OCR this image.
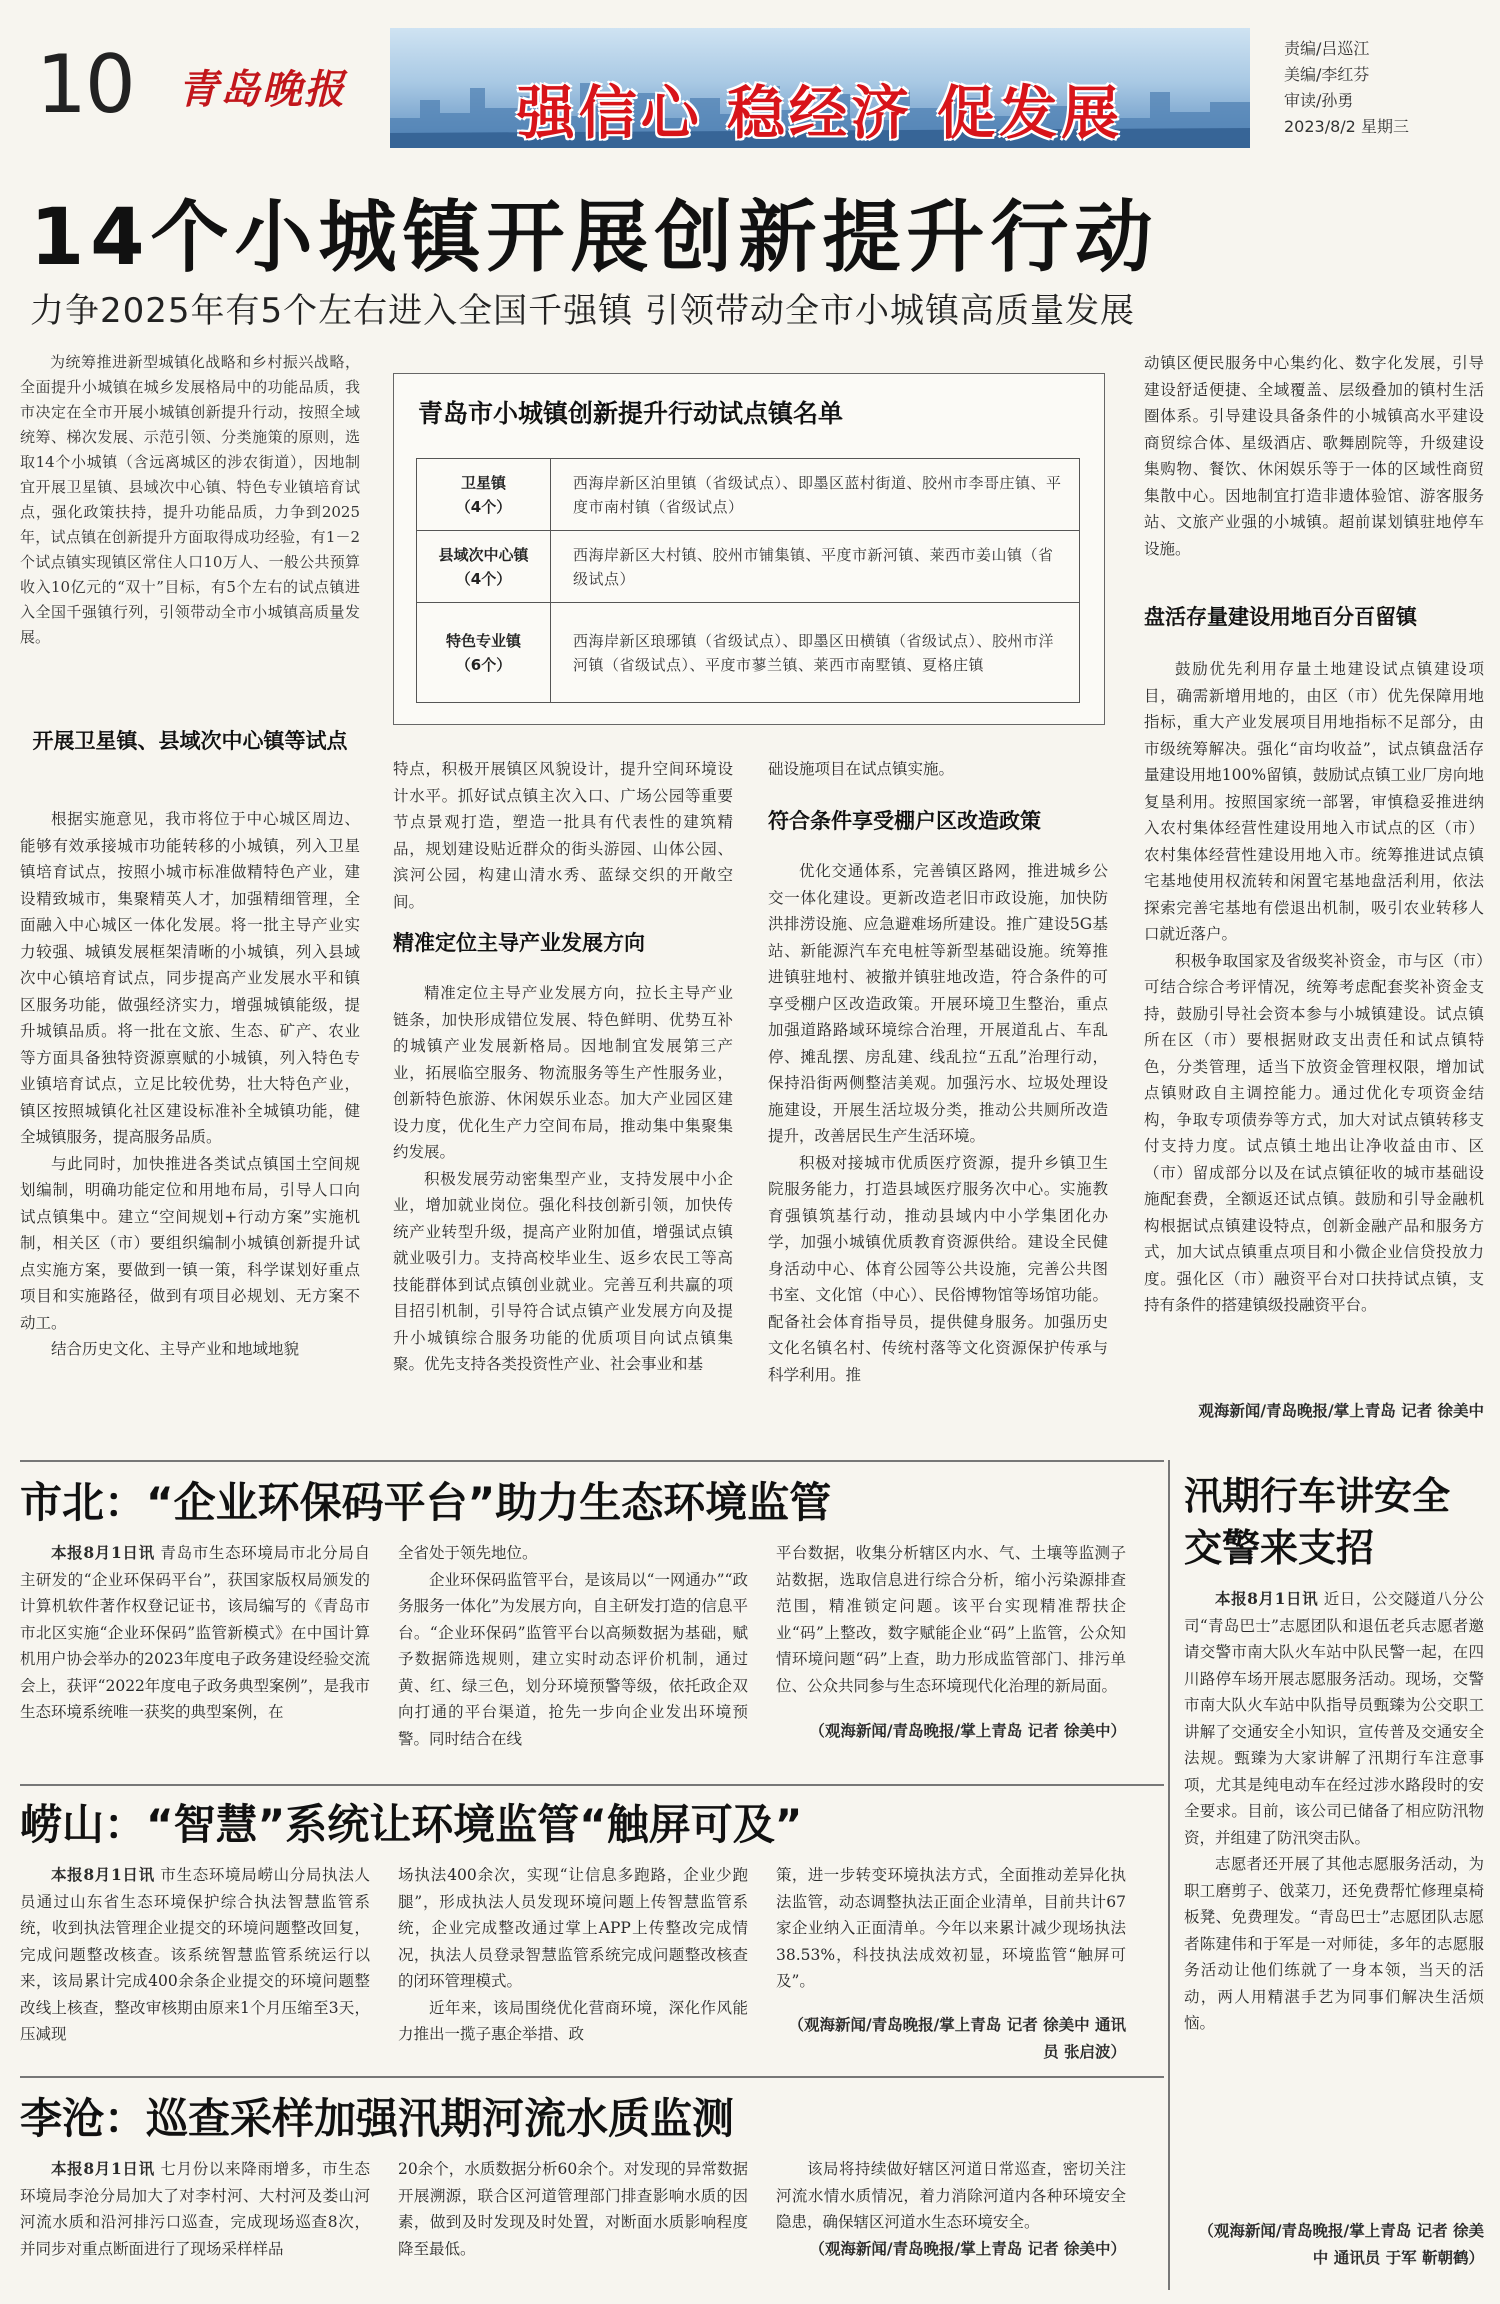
10 青岛晚报	强信心 稳经济 促发展
责编/吕巡江
美编/李红芬
审读/孙勇
2023/8/2 星期三
14个小城镇开展创新提升行动
力争2025年有5个左右进入全国千强镇 引领带动全市小城镇高质量发展

为统筹推进新型城镇化战略和乡村振兴战略，全面提升小城镇在城乡发展格局中的功能品质，我市决定在全市开展小城镇创新提升行动，按照全域统筹、梯次发展、示范引领、分类施策的原则，选取14个小城镇（含远离城区的涉农街道），因地制宜开展卫星镇、县域次中心镇、特色专业镇培育试点，强化政策扶持，提升功能品质，力争到2025年，试点镇在创新提升方面取得成功经验，有1－2个试点镇实现镇区常住人口10万人、一般公共预算收入10亿元的“双十”目标，有5个左右的试点镇进入全国千强镇行列，引领带动全市小城镇高质量发展。

开展卫星镇、县域次中心镇等试点

根据实施意见，我市将位于中心城区周边、能够有效承接城市功能转移的小城镇，列入卫星镇培育试点，按照小城市标准做精特色产业，建设精致城市，集聚精英人才，加强精细管理，全面融入中心城区一体化发展。将一批主导产业实力较强、城镇发展框架清晰的小城镇，列入县域次中心镇培育试点，同步提高产业发展水平和镇区服务功能，做强经济实力，增强城镇能级，提升城镇品质。将一批在文旅、生态、矿产、农业等方面具备独特资源禀赋的小城镇，列入特色专业镇培育试点，立足比较优势，壮大特色产业，镇区按照城镇化社区建设标准补全城镇功能，健全城镇服务，提高服务品质。

与此同时，加快推进各类试点镇国土空间规划编制，明确功能定位和用地布局，引导人口向试点镇集中。建立“空间规划+行动方案”实施机制，相关区（市）要组织编制小城镇创新提升试点实施方案，要做到一镇一策，科学谋划好重点项目和实施路径，做到有项目必规划、无方案不动工。

结合历史文化、主导产业和地域地貌

青岛市小城镇创新提升行动试点镇名单
卫星镇
（4个）	西海岸新区泊里镇（省级试点）、即墨区蓝村街道、胶州市李哥庄镇、平度市南村镇（省级试点）
县域次中心镇
（4个）	西海岸新区大村镇、胶州市铺集镇、平度市新河镇、莱西市姜山镇（省级试点）
特色专业镇
（6个）	西海岸新区琅琊镇（省级试点）、即墨区田横镇（省级试点）、胶州市洋河镇（省级试点）、平度市蓼兰镇、莱西市南墅镇、夏格庄镇

特点，积极开展镇区风貌设计，提升空间环境设计水平。抓好试点镇主次入口、广场公园等重要节点景观打造，塑造一批具有代表性的建筑精品，规划建设贴近群众的街头游园、山体公园、滨河公园，构建山清水秀、蓝绿交织的开敞空间。

精准定位主导产业发展方向

精准定位主导产业发展方向，拉长主导产业链条，加快形成错位发展、特色鲜明、优势互补的城镇产业发展新格局。因地制宜发展第三产业，拓展临空服务、物流服务等生产性服务业，创新特色旅游、休闲娱乐业态。加大产业园区建设力度，优化生产力空间布局，推动集中集聚集约发展。

积极发展劳动密集型产业，支持发展中小企业，增加就业岗位。强化科技创新引领，加快传统产业转型升级，提高产业附加值，增强试点镇就业吸引力。支持高校毕业生、返乡农民工等高技能群体到试点镇创业就业。完善互利共赢的项目招引机制，引导符合试点镇产业发展方向及提升小城镇综合服务功能的优质项目向试点镇集聚。优先支持各类投资性产业、社会事业和基

础设施项目在试点镇实施。

符合条件享受棚户区改造政策

优化交通体系，完善镇区路网，推进城乡公交一体化建设。更新改造老旧市政设施，加快防洪排涝设施、应急避难场所建设。推广建设5G基站、新能源汽车充电桩等新型基础设施。统筹推进镇驻地村、被撤并镇驻地改造，符合条件的可享受棚户区改造政策。开展环境卫生整治，重点加强道路路域环境综合治理，开展道乱占、车乱停、摊乱摆、房乱建、线乱拉“五乱”治理行动，保持沿街两侧整洁美观。加强污水、垃圾处理设施建设，开展生活垃圾分类，推动公共厕所改造提升，改善居民生产生活环境。

积极对接城市优质医疗资源，提升乡镇卫生院服务能力，打造县域医疗服务次中心。实施教育强镇筑基行动，推动县域内中小学集团化办学，加强小城镇优质教育资源供给。建设全民健身活动中心、体育公园等公共设施，完善公共图书室、文化馆（中心）、民俗博物馆等场馆功能。配备社会体育指导员，提供健身服务。加强历史文化名镇名村、传统村落等文化资源保护传承与科学利用。推

动镇区便民服务中心集约化、数字化发展，引导建设舒适便捷、全域覆盖、层级叠加的镇村生活圈体系。引导建设具备条件的小城镇高水平建设商贸综合体、星级酒店、歌舞剧院等，升级建设集购物、餐饮、休闲娱乐等于一体的区域性商贸集散中心。因地制宜打造非遗体验馆、游客服务站、文旅产业强的小城镇。超前谋划镇驻地停车设施。

盘活存量建设用地百分百留镇

鼓励优先利用存量土地建设试点镇建设项目，确需新增用地的，由区（市）优先保障用地指标，重大产业发展项目用地指标不足部分，由市级统筹解决。强化“亩均收益”，试点镇盘活存量建设用地100%留镇，鼓励试点镇工业厂房向地复垦利用。按照国家统一部署，审慎稳妥推进纳入农村集体经营性建设用地入市试点的区（市）农村集体经营性建设用地入市。统筹推进试点镇宅基地使用权流转和闲置宅基地盘活利用，依法探索完善宅基地有偿退出机制，吸引农业转移人口就近落户。

积极争取国家及省级奖补资金，市与区（市）可结合综合考评情况，统筹考虑配套奖补资金支持，鼓励引导社会资本参与小城镇建设。试点镇所在区（市）要根据财政支出责任和试点镇特色，分类管理，适当下放资金管理权限，增加试点镇财政自主调控能力。通过优化专项资金结构，争取专项债券等方式，加大对试点镇转移支付支持力度。试点镇土地出让净收益由市、区（市）留成部分以及在试点镇征收的城市基础设施配套费，全额返还试点镇。鼓励和引导金融机构根据试点镇建设特点，创新金融产品和服务方式，加大试点镇重点项目和小微企业信贷投放力度。强化区（市）融资平台对口扶持试点镇，支持有条件的搭建镇级投融资平台。

观海新闻/青岛晚报/掌上青岛 记者 徐美中
市北：“企业环保码平台”助力生态环境监管

本报8月1日讯 青岛市生态环境局市北分局自主研发的“企业环保码平台”，获国家版权局颁发的计算机软件著作权登记证书，该局编写的《青岛市市北区实施“企业环保码”监管新模式》在中国计算机用户协会举办的2023年度电子政务建设经验交流会上，获评“2022年度电子政务典型案例”，是我市生态环境系统唯一获奖的典型案例，在

全省处于领先地位。

企业环保码监管平台，是该局以“一网通办”“政务服务一体化”为发展方向，自主研发打造的信息平台。“企业环保码”监管平台以高频数据为基础，赋予数据筛选规则，建立实时动态评价机制，通过黄、红、绿三色，划分环境预警等级，依托政企双向打通的平台渠道，抢先一步向企业发出环境预警。同时结合在线

平台数据，收集分析辖区内水、气、土壤等监测子站数据，选取信息进行综合分析，缩小污染源排查范围，精准锁定问题。该平台实现精准帮扶企业“码”上整改，数字赋能企业“码”上监管，公众知情环境问题“码”上查，助力形成监管部门、排污单位、公众共同参与生态环境现代化治理的新局面。

（观海新闻/青岛晚报/掌上青岛 记者 徐美中）
崂山：“智慧”系统让环境监管“触屏可及”

本报8月1日讯 市生态环境局崂山分局执法人员通过山东省生态环境保护综合执法智慧监管系统，收到执法管理企业提交的环境问题整改回复，完成问题整改核查。该系统智慧监管系统运行以来，该局累计完成400余条企业提交的环境问题整改线上核查，整改审核期由原来1个月压缩至3天，压减现

场执法400余次，实现“让信息多跑路，企业少跑腿”，形成执法人员发现环境问题上传智慧监管系统，企业完成整改通过掌上APP上传整改完成情况，执法人员登录智慧监管系统完成问题整改核查的闭环管理模式。

近年来，该局围绕优化营商环境，深化作风能力推出一揽子惠企举措、政

策，进一步转变环境执法方式，全面推动差异化执法监管，动态调整执法正面企业清单，目前共计67家企业纳入正面清单。今年以来累计减少现场执法38.53%，科技执法成效初显，环境监管“触屏可及”。

（观海新闻/青岛晚报/掌上青岛 记者 徐美中 通讯员 张启波）
李沧：巡查采样加强汛期河流水质监测

本报8月1日讯 七月份以来降雨增多，市生态环境局李沧分局加大了对李村河、大村河及娄山河河流水质和沿河排污口巡查，完成现场巡查8次，并同步对重点断面进行了现场采样样品

20余个，水质数据分析60余个。对发现的异常数据开展溯源，联合区河道管理部门排查影响水质的因素，做到及时发现及时处置，对断面水质影响程度降至最低。

该局将持续做好辖区河道日常巡查，密切关注河流水情水质情况，着力消除河道内各种环境安全隐患，确保辖区河道水生态环境安全。

（观海新闻/青岛晚报/掌上青岛 记者 徐美中）
汛期行车讲安全
交警来支招

本报8月1日讯 近日，公交隧道八分公司“青岛巴士”志愿团队和退伍老兵志愿者邀请交警市南大队火车站中队民警一起，在四川路停车场开展志愿服务活动。现场，交警市南大队火车站中队指导员甄臻为公交职工讲解了交通安全小知识，宣传普及交通安全法规。甄臻为大家讲解了汛期行车注意事项，尤其是纯电动车在经过涉水路段时的安全要求。目前，该公司已储备了相应防汛物资，并组建了防汛突击队。

志愿者还开展了其他志愿服务活动，为职工磨剪子、戗菜刀，还免费帮忙修理桌椅板凳、免费理发。“青岛巴士”志愿团队志愿者陈建伟和于军是一对师徒，多年的志愿服务活动让他们练就了一身本领，当天的活动，两人用精湛手艺为同事们解决生活烦恼。

（观海新闻/青岛晚报/掌上青岛 记者 徐美中 通讯员 于军 靳朝鹤）
